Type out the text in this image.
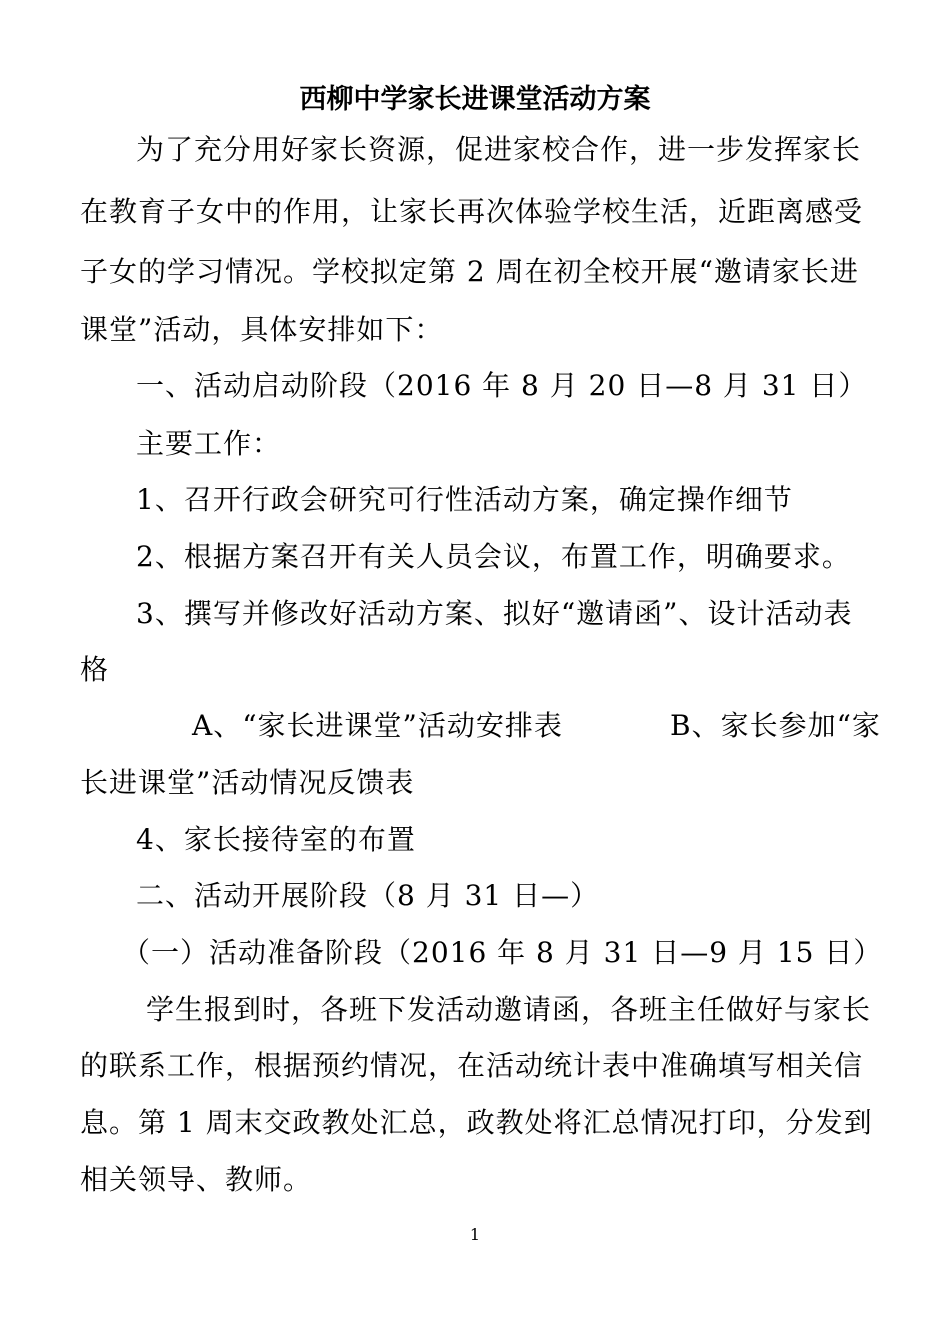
西柳中学家长进课堂活动方案
为了充分用好家长资源，促进家校合作，进一步发挥家长
在教育子女中的作用，让家长再次体验学校生活，近距离感受
子女的学习情况。学校拟定第 2 周在初全校开展“邀请家长进
课堂”活动，具体安排如下：
一、活动启动阶段（2016 年 8 月 20 日—8 月 31 日）
主要工作：
1、召开行政会研究可行性活动方案，确定操作细节
2、根据方案召开有关人员会议，布置工作，明确要求。
3、撰写并修改好活动方案、拟好“邀请函”、设计活动表
格
A、“家长进课堂”活动安排表	B、家长参加“家
长进课堂”活动情况反馈表
4、家长接待室的布置
二、活动开展阶段（8 月 31 日—）
（一）活动准备阶段（2016 年 8 月 31 日—9 月 15 日）
学生报到时，各班下发活动邀请函，各班主任做好与家长
的联系工作，根据预约情况，在活动统计表中准确填写相关信
息。第 1 周末交政教处汇总，政教处将汇总情况打印，分发到
相关领导、教师。
1
